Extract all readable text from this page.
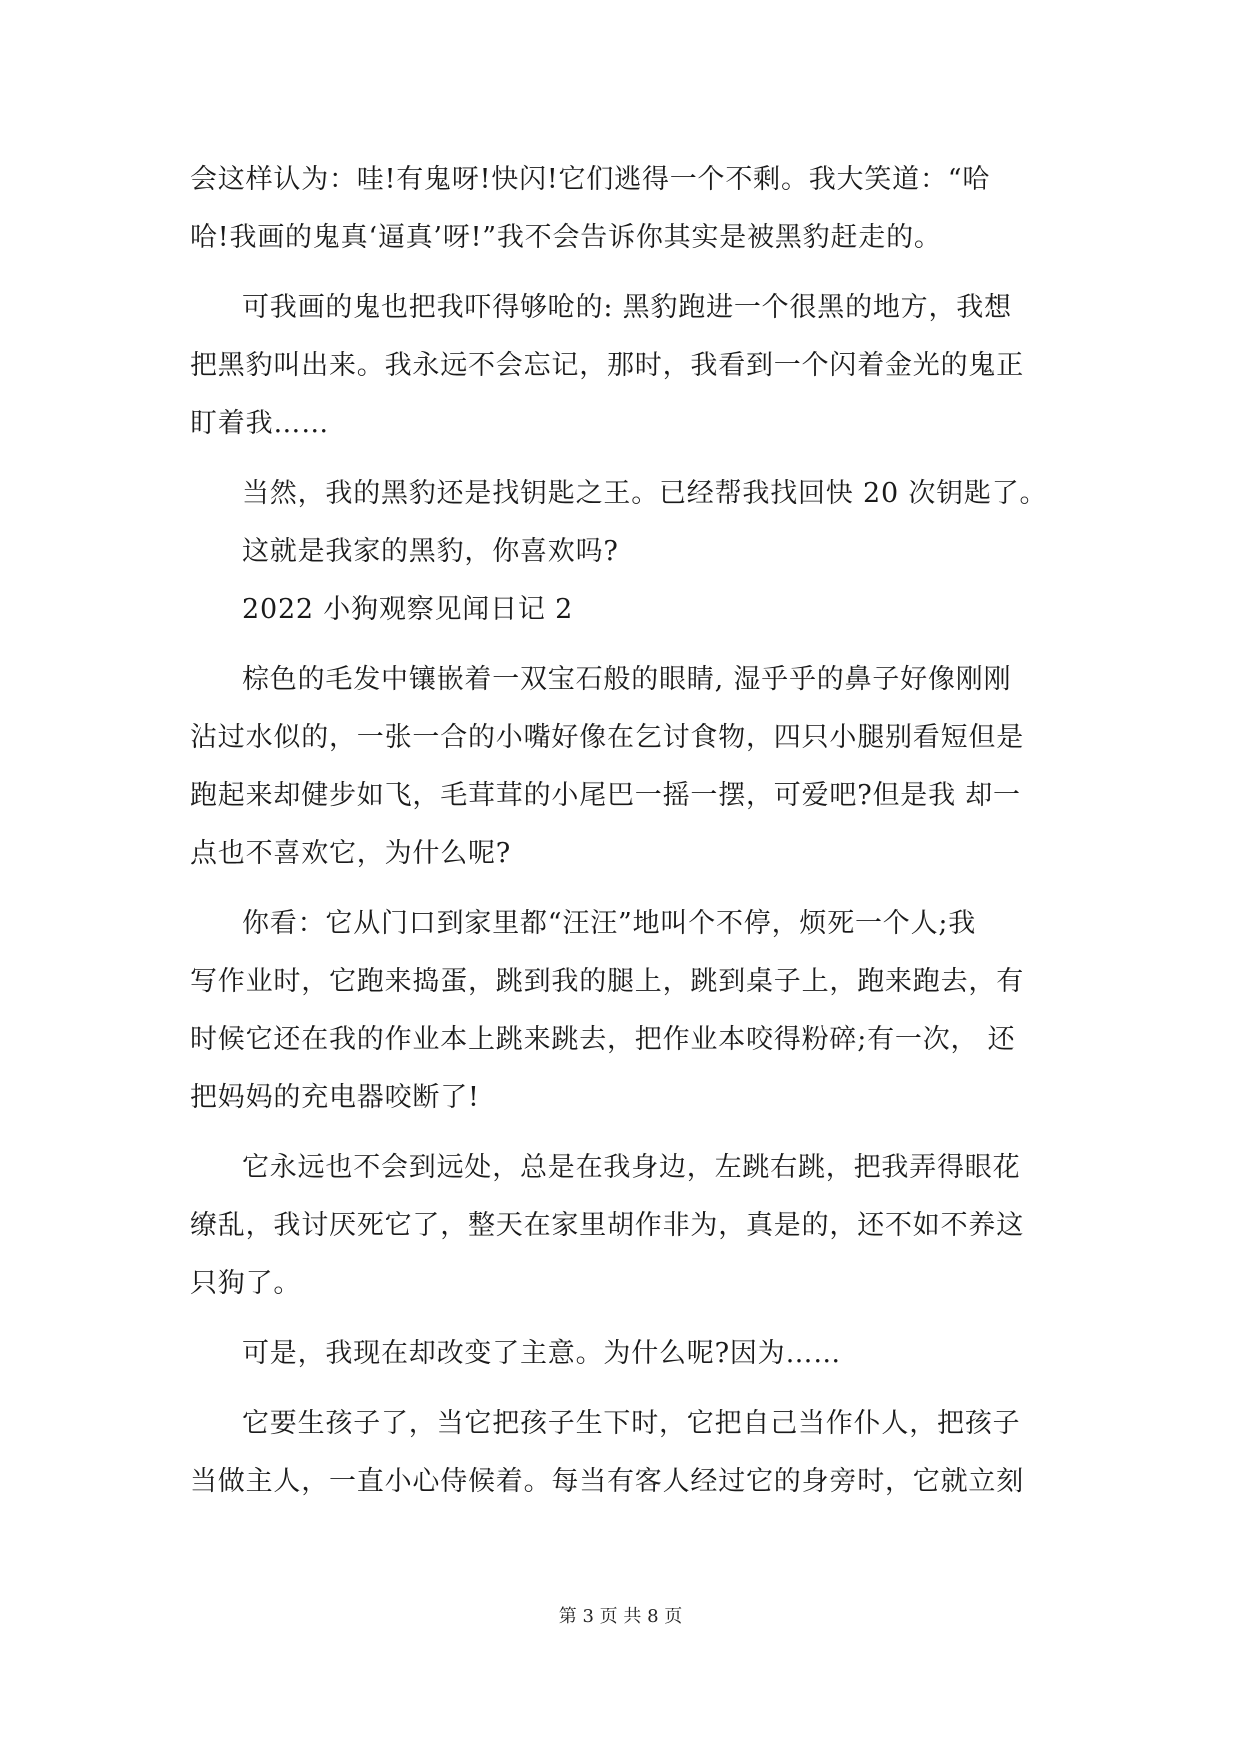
会这样认为：哇!有鬼呀!快闪!它们逃得一个不剩。我大笑道：“哈
哈!我画的鬼真‘逼真’呀!”我不会告诉你其实是被黑豹赶走的。
可我画的鬼也把我吓得够呛的: 黑豹跑进一个很黑的地方，我想
把黑豹叫出来。我永远不会忘记，那时，我看到一个闪着金光的鬼正
盯着我……
当然，我的黑豹还是找钥匙之王。已经帮我找回快 20 次钥匙了。
这就是我家的黑豹，你喜欢吗?
2022 小狗观察见闻日记 2
棕色的毛发中镶嵌着一双宝石般的眼睛, 湿乎乎的鼻子好像刚刚
沾过水似的，一张一合的小嘴好像在乞讨食物，四只小腿别看短但是
跑起来却健步如飞，毛茸茸的小尾巴一摇一摆，可爱吧?但是我 却一
点也不喜欢它，为什么呢?
你看：它从门口到家里都“汪汪”地叫个不停，烦死一个人;我
写作业时，它跑来捣蛋，跳到我的腿上，跳到桌子上，跑来跑去，有
时候它还在我的作业本上跳来跳去，把作业本咬得粉碎;有一次， 还
把妈妈的充电器咬断了!
它永远也不会到远处，总是在我身边，左跳右跳，把我弄得眼花
缭乱，我讨厌死它了，整天在家里胡作非为，真是的，还不如不养这
只狗了。
可是，我现在却改变了主意。为什么呢?因为……
它要生孩子了，当它把孩子生下时，它把自己当作仆人，把孩子
当做主人，一直小心侍候着。每当有客人经过它的身旁时，它就立刻
第 3 页 共 8 页
